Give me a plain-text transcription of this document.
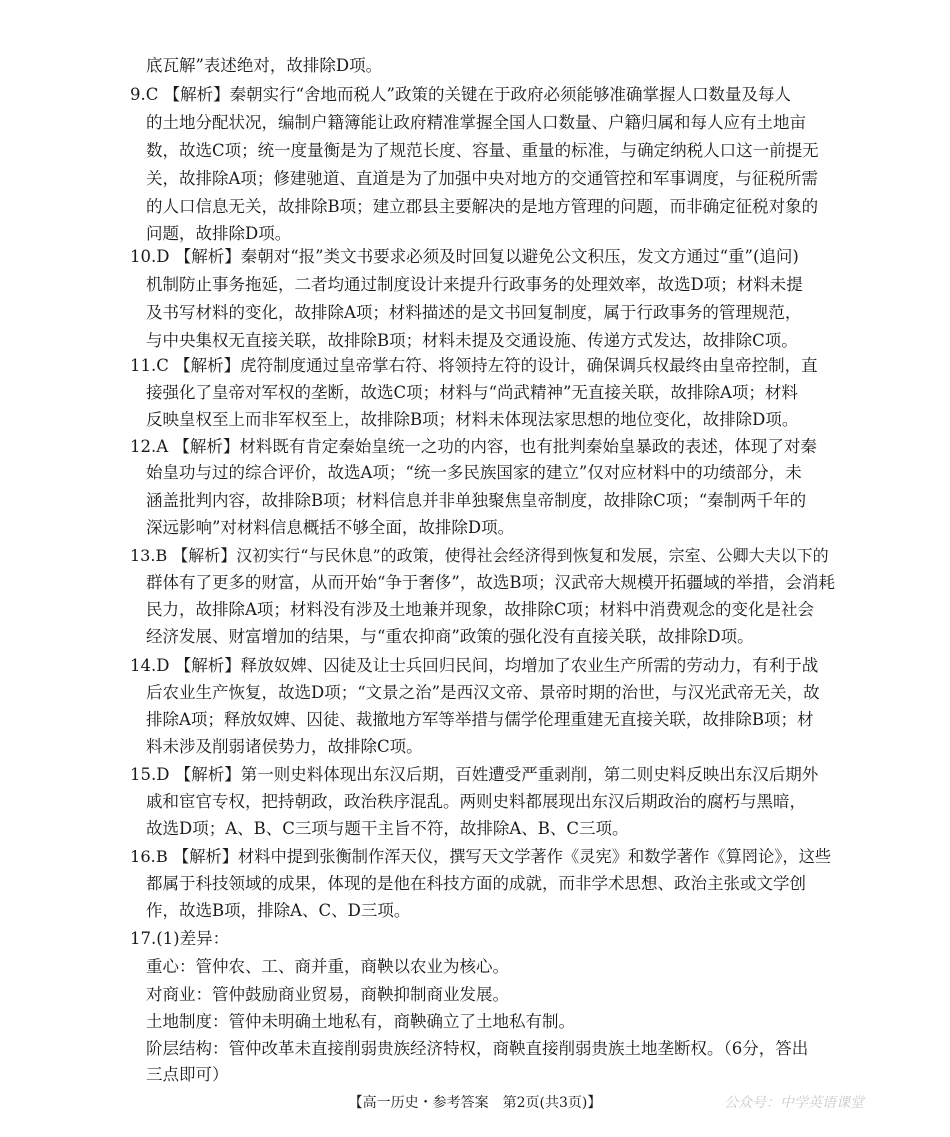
底瓦解”表述绝对，故排除D项。
9.C 【解析】秦朝实行“舍地而税人”政策的关键在于政府必须能够准确掌握人口数量及每人
的土地分配状况，编制户籍簿能让政府精准掌握全国人口数量、户籍归属和每人应有土地亩
数，故选C项；统一度量衡是为了规范长度、容量、重量的标准，与确定纳税人口这一前提无
关，故排除A项；修建驰道、直道是为了加强中央对地方的交通管控和军事调度，与征税所需
的人口信息无关，故排除B项；建立郡县主要解决的是地方管理的问题，而非确定征税对象的
问题，故排除D项。
10.D 【解析】秦朝对“报”类文书要求必须及时回复以避免公文积压，发文方通过“重”(追问)
机制防止事务拖延，二者均通过制度设计来提升行政事务的处理效率，故选D项；材料未提
及书写材料的变化，故排除A项；材料描述的是文书回复制度，属于行政事务的管理规范，
与中央集权无直接关联，故排除B项；材料未提及交通设施、传递方式发达，故排除C项。
11.C 【解析】虎符制度通过皇帝掌右符、将领持左符的设计，确保调兵权最终由皇帝控制，直
接强化了皇帝对军权的垄断，故选C项；材料与“尚武精神”无直接关联，故排除A项；材料
反映皇权至上而非军权至上，故排除B项；材料未体现法家思想的地位变化，故排除D项。
12.A 【解析】材料既有肯定秦始皇统一之功的内容，也有批判秦始皇暴政的表述，体现了对秦
始皇功与过的综合评价，故选A项；“统一多民族国家的建立”仅对应材料中的功绩部分，未
涵盖批判内容，故排除B项；材料信息并非单独聚焦皇帝制度，故排除C项；“秦制两千年的
深远影响”对材料信息概括不够全面，故排除D项。
13.B 【解析】汉初实行“与民休息”的政策，使得社会经济得到恢复和发展，宗室、公卿大夫以下的
群体有了更多的财富，从而开始“争于奢侈”，故选B项；汉武帝大规模开拓疆域的举措，会消耗
民力，故排除A项；材料没有涉及土地兼并现象，故排除C项；材料中消费观念的变化是社会
经济发展、财富增加的结果，与“重农抑商”政策的强化没有直接关联，故排除D项。
14.D 【解析】释放奴婢、囚徒及让士兵回归民间，均增加了农业生产所需的劳动力，有利于战
后农业生产恢复，故选D项；“文景之治”是西汉文帝、景帝时期的治世，与汉光武帝无关，故
排除A项；释放奴婢、囚徒、裁撤地方军等举措与儒学伦理重建无直接关联，故排除B项；材
料未涉及削弱诸侯势力，故排除C项。
15.D 【解析】第一则史料体现出东汉后期，百姓遭受严重剥削，第二则史料反映出东汉后期外
戚和宦官专权，把持朝政，政治秩序混乱。两则史料都展现出东汉后期政治的腐朽与黑暗，
故选D项；A、B、C三项与题干主旨不符，故排除A、B、C三项。
16.B 【解析】材料中提到张衡制作浑天仪，撰写天文学著作《灵宪》和数学著作《算罔论》，这些
都属于科技领域的成果，体现的是他在科技方面的成就，而非学术思想、政治主张或文学创
作，故选B项，排除A、C、D三项。
17.(1)差异：
重心：管仲农、工、商并重，商鞅以农业为核心。
对商业：管仲鼓励商业贸易，商鞅抑制商业发展。
土地制度：管仲未明确土地私有，商鞅确立了土地私有制。
阶层结构：管仲改革未直接削弱贵族经济特权，商鞅直接削弱贵族土地垄断权。（6分，答出
三点即可）
【高一历史・参考答案　第2页(共3页)】	公众号：中学英语课堂
